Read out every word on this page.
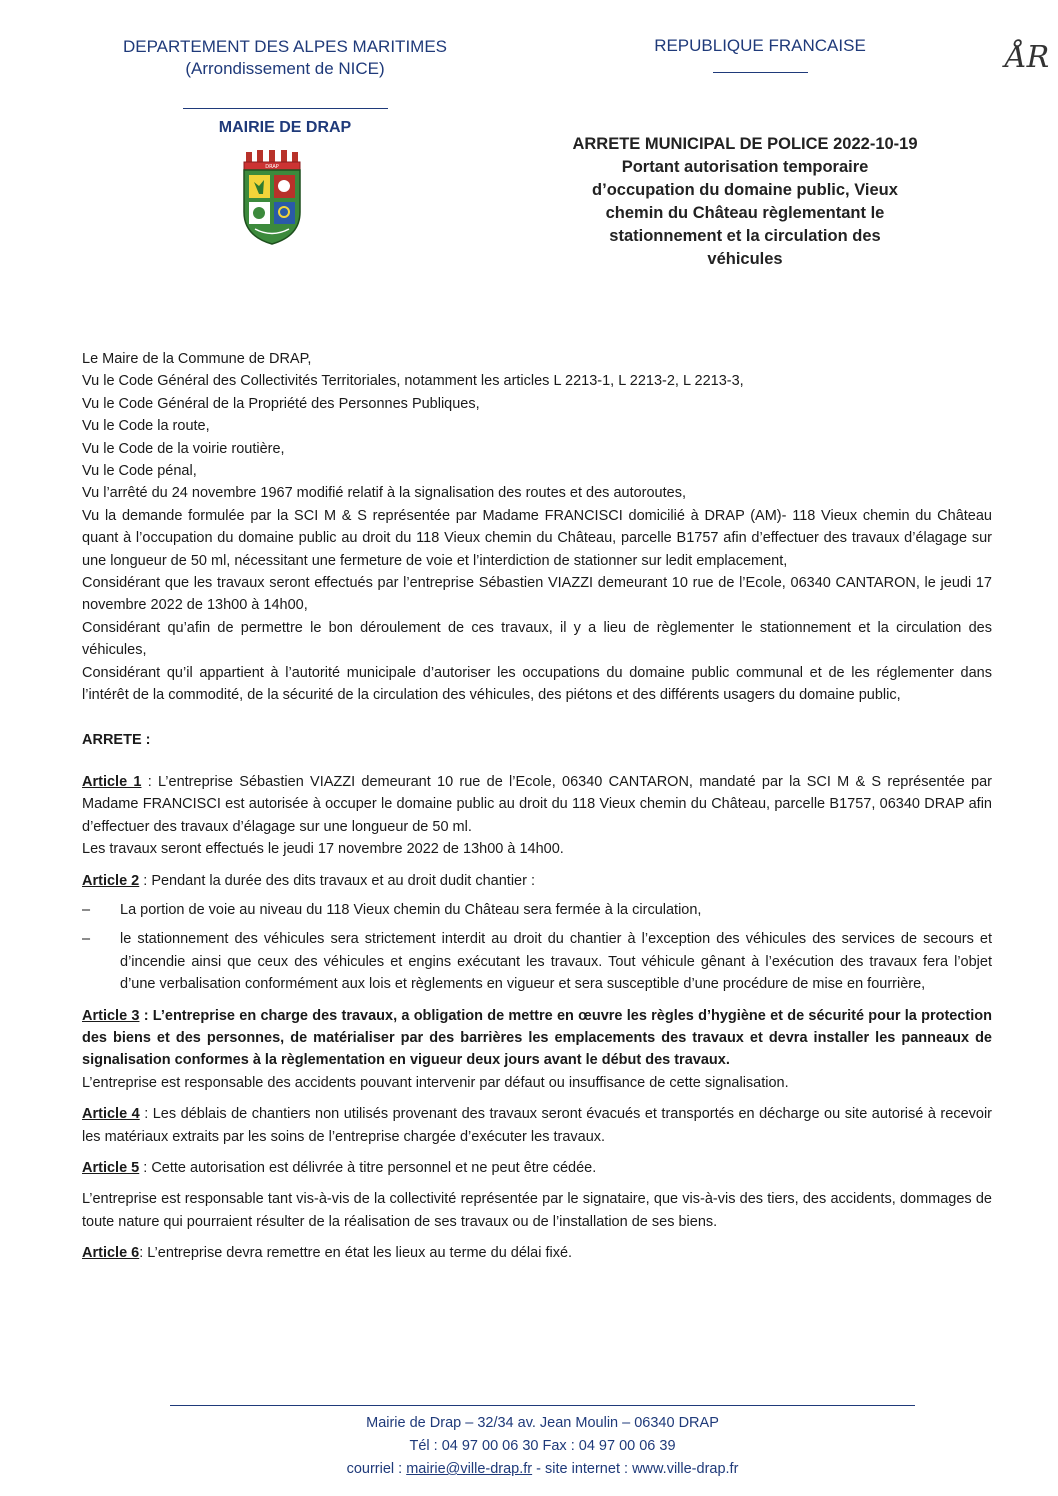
DEPARTEMENT DES ALPES MARITIMES
(Arrondissement de NICE)
MAIRIE DE DRAP
DRAP
REPUBLIQUE FRANCAISE	ÅR
ARRETE MUNICIPAL DE POLICE 2022-10-19
Portant autorisation temporaire
d’occupation du domaine public, Vieux
chemin du Château règlementant le
stationnement et la circulation des
véhicules

Le Maire de la Commune de DRAP,

Vu le Code Général des Collectivités Territoriales, notamment les articles L 2213-1, L 2213-2, L 2213-3,

Vu le Code Général de la Propriété des Personnes Publiques,

Vu le Code la route,

Vu le Code de la voirie routière,

Vu le Code pénal,

Vu l’arrêté du 24 novembre 1967 modifié relatif à la signalisation des routes et des autoroutes,

Vu la demande formulée par la SCI M & S représentée par Madame FRANCISCI domicilié à DRAP (AM)- 118 Vieux chemin du Château quant à l’occupation du domaine public au droit du 118 Vieux chemin du Château, parcelle B1757 afin d’effectuer des travaux d’élagage sur une longueur de 50 ml, nécessitant une fermeture de voie et l’interdiction de stationner sur ledit emplacement,

Considérant que les travaux seront effectués par l’entreprise Sébastien VIAZZI demeurant 10 rue de l’Ecole, 06340 CANTARON, le jeudi 17 novembre 2022 de 13h00 à 14h00,

Considérant qu’afin de permettre le bon déroulement de ces travaux, il y a lieu de règlementer le stationnement et la circulation des véhicules,

Considérant qu’il appartient à l’autorité municipale d’autoriser les occupations du domaine public communal et de les réglementer dans l’intérêt de la commodité, de la sécurité de la circulation des véhicules, des piétons et des différents usagers du domaine public,

ARRETE :

Article 1 : L’entreprise Sébastien VIAZZI demeurant 10 rue de l’Ecole, 06340 CANTARON, mandaté par la SCI M & S représentée par Madame FRANCISCI est autorisée à occuper le domaine public au droit du 118 Vieux chemin du Château, parcelle B1757, 06340 DRAP afin d’effectuer des travaux d’élagage sur une longueur de 50 ml.

Les travaux seront effectués le jeudi 17 novembre 2022 de 13h00 à 14h00.

Article 2 : Pendant la durée des dits travaux et au droit dudit chantier :

–	La portion de voie au niveau du 118 Vieux chemin du Château sera fermée à la circulation,
–	le stationnement des véhicules sera strictement interdit au droit du chantier à l’exception des véhicules des services de secours et d’incendie ainsi que ceux des véhicules et engins exécutant les travaux. Tout véhicule gênant à l’exécution des travaux fera l’objet d’une verbalisation conformément aux lois et règlements en vigueur et sera susceptible d’une procédure de mise en fourrière,

Article 3 : L’entreprise en charge des travaux, a obligation de mettre en œuvre les règles d’hygiène et de sécurité pour la protection des biens et des personnes, de matérialiser par des barrières les emplacements des travaux et devra installer les panneaux de signalisation conformes à la règlementation en vigueur deux jours avant le début des travaux.

L’entreprise est responsable des accidents pouvant intervenir par défaut ou insuffisance de cette signalisation.

Article 4 : Les déblais de chantiers non utilisés provenant des travaux seront évacués et transportés en décharge ou site autorisé à recevoir les matériaux extraits par les soins de l’entreprise chargée d’exécuter les travaux.

Article 5 : Cette autorisation est délivrée à titre personnel et ne peut être cédée.

L’entreprise est responsable tant vis-à-vis de la collectivité représentée par le signataire, que vis-à-vis des tiers, des accidents, dommages de toute nature qui pourraient résulter de la réalisation de ses travaux ou de l’installation de ses biens.

Article 6: L’entreprise devra remettre en état les lieux au terme du délai fixé.

Mairie de Drap – 32/34 av. Jean Moulin – 06340 DRAP
Tél : 04 97 00 06 30 Fax : 04 97 00 06 39
courriel : mairie@ville-drap.fr - site internet : www.ville-drap.fr
